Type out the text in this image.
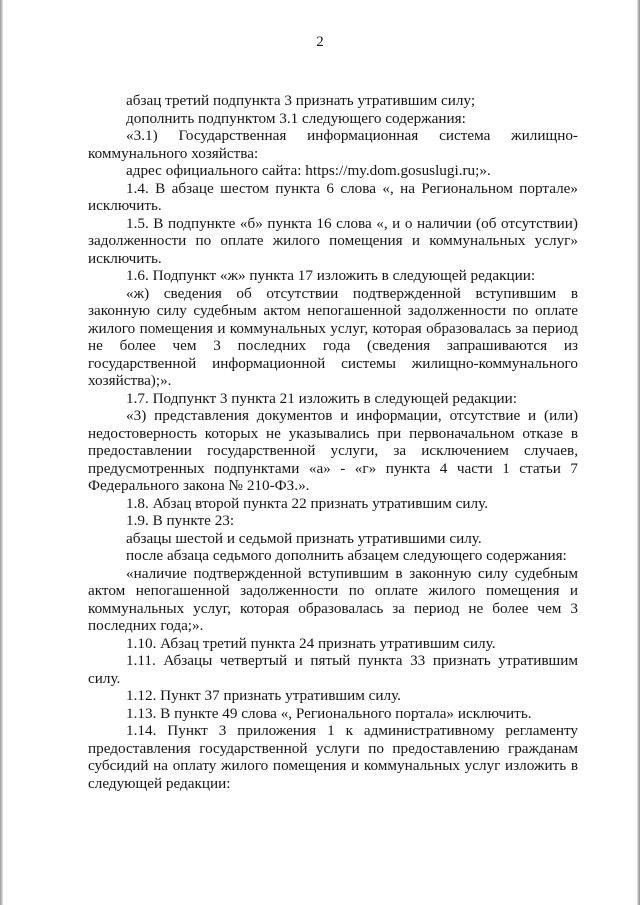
2

абзац третий подпункта 3 признать утратившим силу;

дополнить подпунктом 3.1 следующего содержания:

«3.1) Государственная информационная система жилищно-коммунального хозяйства:

адрес официального сайта: https://my.dom.gosuslugi.ru;».

1.4. В абзаце шестом пункта 6 слова «, на Региональном портале» исключить.

1.5. В подпункте «б» пункта 16 слова «, и о наличии (об отсутствии) задолженности по оплате жилого помещения и коммунальных услуг» исключить.

1.6. Подпункт «ж» пункта 17 изложить в следующей редакции:

«ж) сведения об отсутствии подтвержденной вступившим в законную силу судебным актом непогашенной задолженности по оплате жилого помещения и коммунальных услуг, которая образовалась за период не более чем 3 последних года (сведения запрашиваются из государственной информационной системы жилищно-коммунального хозяйства);».

1.7. Подпункт 3 пункта 21 изложить в следующей редакции:

«3) представления документов и информации, отсутствие и (или) недостоверность которых не указывались при первоначальном отказе в предоставлении государственной услуги, за исключением случаев, предусмотренных подпунктами «а» - «г» пункта 4 части 1 статьи 7 Федерального закона № 210-ФЗ.».

1.8. Абзац второй пункта 22 признать утратившим силу.

1.9. В пункте 23:

абзацы шестой и седьмой признать утратившими силу.

после абзаца седьмого дополнить абзацем следующего содержания:

«наличие подтвержденной вступившим в законную силу судебным актом непогашенной задолженности по оплате жилого помещения и коммунальных услуг, которая образовалась за период не более чем 3 последних года;».

1.10. Абзац третий пункта 24 признать утратившим силу.

1.11. Абзацы четвертый и пятый пункта 33 признать утратившим силу.

1.12. Пункт 37 признать утратившим силу.

1.13. В пункте 49 слова «, Регионального портала» исключить.

1.14. Пункт 3 приложения 1 к административному регламенту предоставления государственной услуги по предоставлению гражданам субсидий на оплату жилого помещения и коммунальных услуг изложить в следующей редакции:
